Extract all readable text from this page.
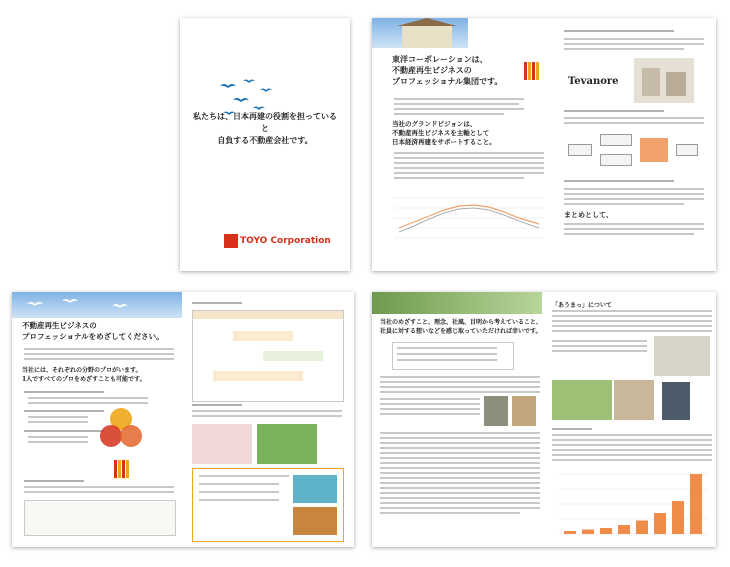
私たちは、日本再建の役割を担っていると
自負する不動産会社です。

TOYO Corporation

東洋コーポレーションは、
不動産再生ビジネスの
プロフェッショナル集団です。

当社のグランドビジョンは、
不動産再生ビジネスを主軸として
日本経済再建をサポートすること。

Tevanore

まとめとして、

不動産再生ビジネスの
プロフェッショナルをめざしてください。

当社には、それぞれの分野のプロがいます。
1人ですべてのプロをめざすことも可能です。

当社のめざすこと、理念、社風、目明から考えていること、
社員に対する想いなどを感じ取っていただければ幸いです。

「あうまっ」について
